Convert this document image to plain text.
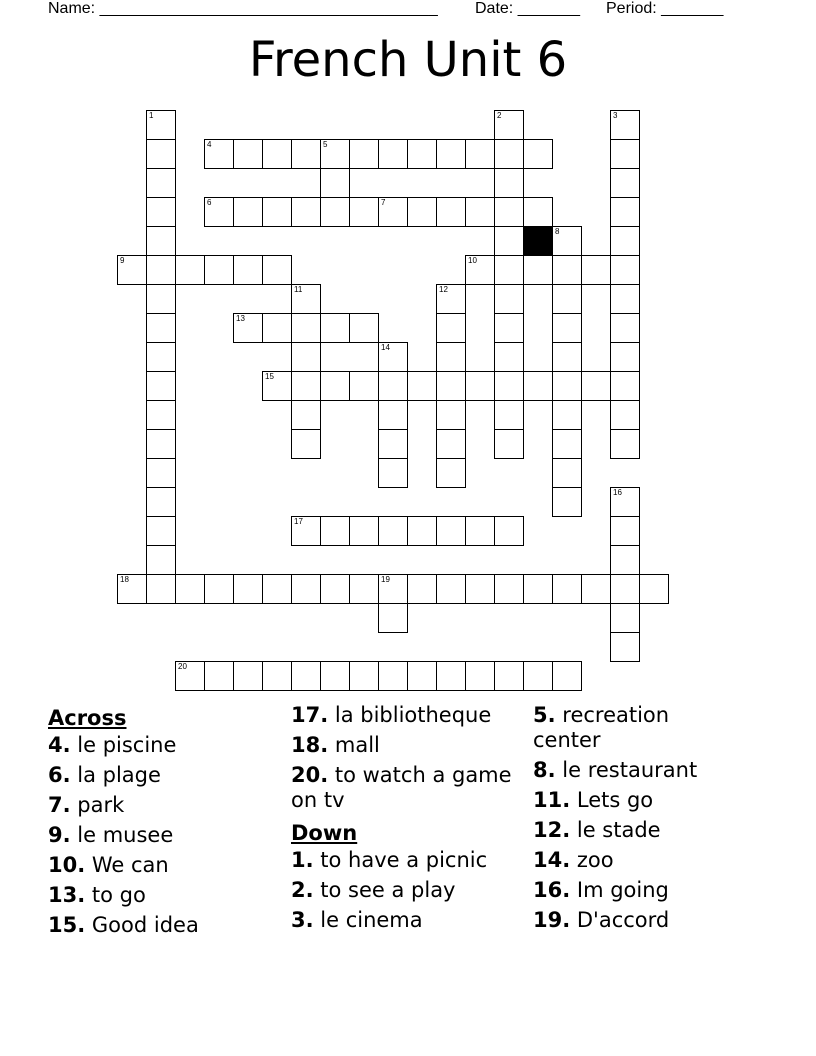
Name: ______________________________________ Date: _______ Period: _______
French Unit 6
1	2	3
4	5
6	7
8
9	10
11	12
13
14
15
16
17
18	19
20
Across
4. le piscine
6. la plage
7. park
9. le musee
10. We can
13. to go
15. Good idea
17. la bibliotheque
18. mall
20. to watch a game on tv
Down
1. to have a picnic
2. to see a play
3. le cinema
5. recreation center
8. le restaurant
11. Lets go
12. le stade
14. zoo
16. Im going
19. D'accord
